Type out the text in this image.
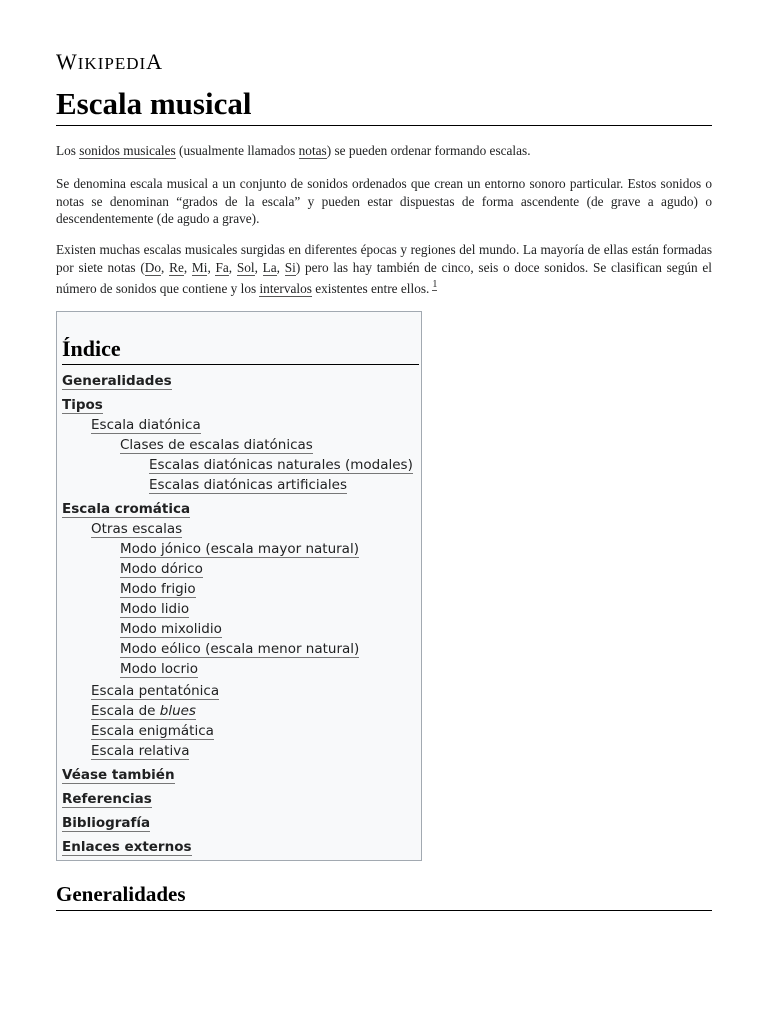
WIKIPEDIA
Escala musical

Los sonidos musicales (usualmente llamados notas) se pueden ordenar formando escalas.

Se denomina escala musical a un conjunto de sonidos ordenados que crean un entorno sonoro particular. Estos sonidos o notas se denominan “grados de la escala” y pueden estar dispuestas de forma ascendente (de grave a agudo) o descendentemente (de agudo a grave).

Existen muchas escalas musicales surgidas en diferentes épocas y regiones del mundo. La mayoría de ellas están formadas por siete notas (Do, Re, Mi, Fa, Sol, La, Si) pero las hay también de cinco, seis o doce sonidos. Se clasifican según el número de sonidos que contiene y los intervalos existentes entre ellos. $^1$

Índice
Generalidades
Tipos
Escala diatónica
Clases de escalas diatónicas
Escalas diatónicas naturales (modales)
Escalas diatónicas artificiales
Escala cromática
Otras escalas
Modo jónico (escala mayor natural)
Modo dórico
Modo frigio
Modo lidio
Modo mixolidio
Modo eólico (escala menor natural)
Modo locrio
Escala pentatónica
Escala de blues
Escala enigmática
Escala relativa
Véase también
Referencias
Bibliografía
Enlaces externos
Generalidades
